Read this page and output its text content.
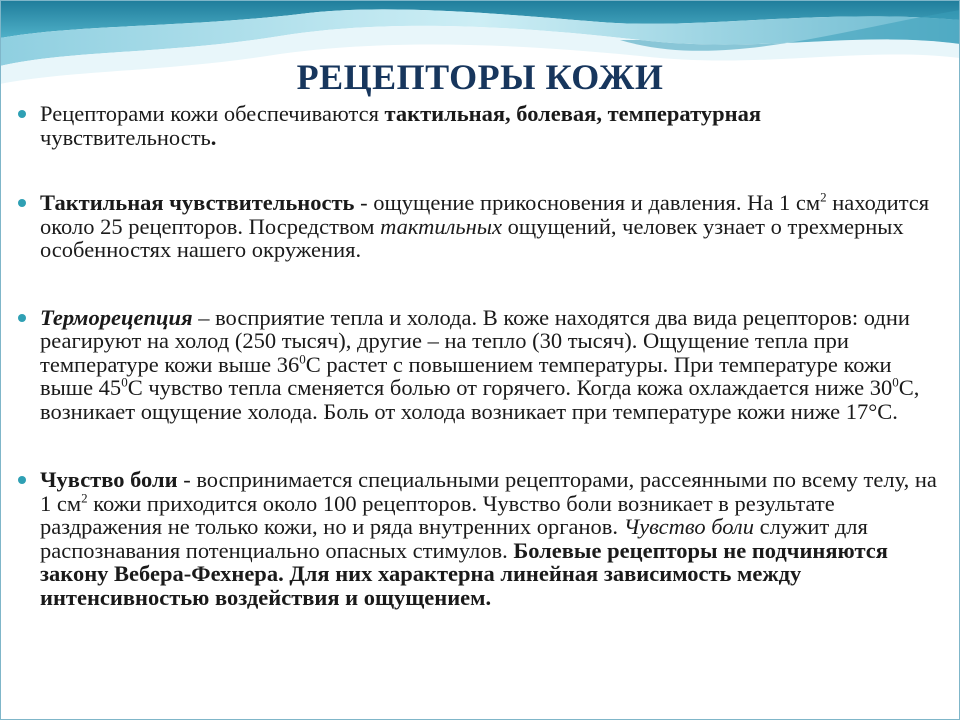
РЕЦЕПТОРЫ КОЖИ
Рецепторами кожи обеспечиваются тактильная, болевая, температурная чувствительность.
Тактильная чувствительность - ощущение прикосновения и давления. На 1 $см^2$ находится около 25 рецепторов. Посредством тактильных ощущений, человек узнает о трехмерных особенностях нашего окружения.
Терморецепция – восприятие тепла и холода. В коже находятся два вида рецепторов: одни реагируют на холод (250 тысяч), другие – на тепло (30 тысяч). Ощущение тепла при температуре кожи выше $36^0С$ растет с повышением температуры. При температуре кожи выше $45^0С$ чувство тепла сменяется болью от горячего. Когда кожа охлаждается ниже $30^0С$, возникает ощущение холода. Боль от холода возникает при температуре кожи ниже 17°С.
Чувство боли - воспринимается специальными рецепторами, рассеянными по всему телу, на 1 $см^2$ кожи приходится около 100 рецепторов. Чувство боли возникает в результате раздражения не только кожи, но и ряда внутренних органов. Чувство боли служит для распознавания потенциально опасных стимулов. Болевые рецепторы не подчиняются закону Вебера-Фехнера. Для них характерна линейная зависимость между интенсивностью воздействия и ощущением.
